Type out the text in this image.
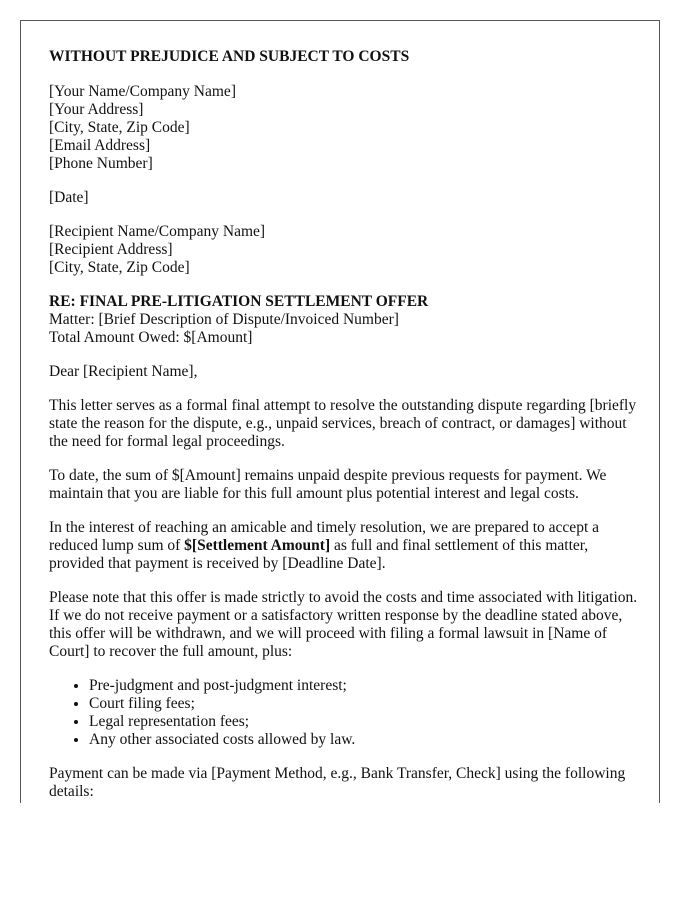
WITHOUT PREJUDICE AND SUBJECT TO COSTS
[Your Name/Company Name]
[Your Address]
[City, State, Zip Code]
[Email Address]
[Phone Number]
[Date]
[Recipient Name/Company Name]
[Recipient Address]
[City, State, Zip Code]
RE: FINAL PRE-LITIGATION SETTLEMENT OFFER
Matter: [Brief Description of Dispute/Invoiced Number]
Total Amount Owed: $[Amount]

Dear [Recipient Name],

This letter serves as a formal final attempt to resolve the outstanding dispute regarding [briefly state the reason for the dispute, e.g., unpaid services, breach of contract, or damages] without the need for formal legal proceedings.

To date, the sum of $[Amount] remains unpaid despite previous requests for payment. We maintain that you are liable for this full amount plus potential interest and legal costs.

In the interest of reaching an amicable and timely resolution, we are prepared to accept a reduced lump sum of $[Settlement Amount] as full and final settlement of this matter, provided that payment is received by [Deadline Date].

Please note that this offer is made strictly to avoid the costs and time associated with litigation. If we do not receive payment or a satisfactory written response by the deadline stated above, this offer will be withdrawn, and we will proceed with filing a formal lawsuit in [Name of Court] to recover the full amount, plus:

• Pre-judgment and post-judgment interest;
• Court filing fees;
• Legal representation fees;
• Any other associated costs allowed by law.

Payment can be made via [Payment Method, e.g., Bank Transfer, Check] using the following details:
